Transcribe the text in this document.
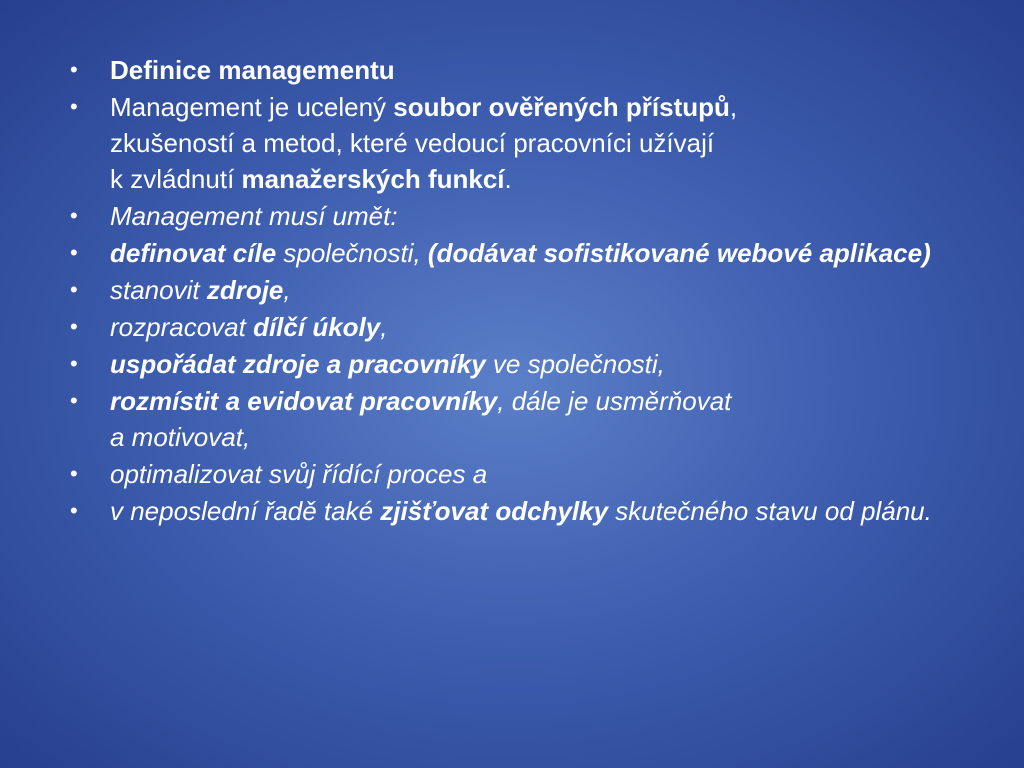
•	Definice managementu
•	Management je ucelený soubor ověřených přístupů,
zkušeností a metod, které vedoucí pracovníci užívají
k zvládnutí manažerských funkcí.
•	Management musí umět:
•	definovat cíle společnosti, (dodávat sofistikované webové aplikace)
•	stanovit zdroje,
•	rozpracovat dílčí úkoly,
•	uspořádat zdroje a pracovníky ve společnosti,
•	rozmístit a evidovat pracovníky, dále je usměrňovat
a motivovat,
•	optimalizovat svůj řídící proces a
•	v neposlední řadě také zjišťovat odchylky skutečného stavu od plánu.
